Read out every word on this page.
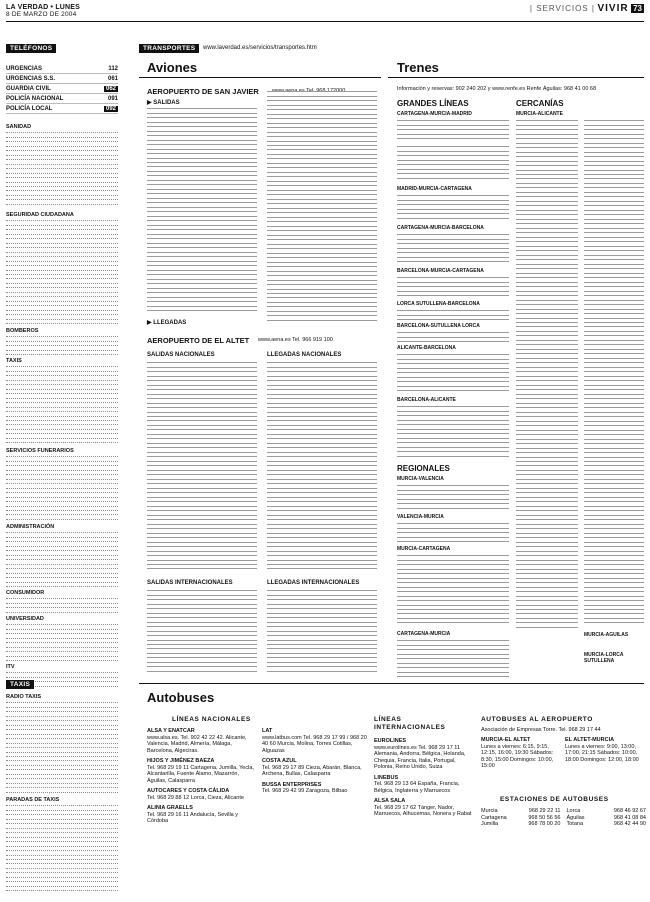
LA VERDAD • LUNES
8 DE MARZO DE 2004
| SERVICIOS | VIVIR 73
TELÉFONOS
URGENCIAS	112
URGENCIAS S.S.	061
GUARDIA CIVIL	062
POLICÍA NACIONAL	091
POLICÍA LOCAL	092
SANIDAD
SEGURIDAD CIUDADANA
BOMBEROS
TAXIS
SERVICIOS FUNERARIOS
ADMINISTRACIÓN
CONSUMIDOR
UNIVERSIDAD
ITV
TAXIS
RADIO TAXIS
PARADAS DE TAXIS
TRANSPORTES	www.laverdad.es/servicios/transportes.htm
Aviones
AEROPUERTO DE SAN JAVIER www.aena.es Tel. 968 172000
▶ SALIDAS
▶ LLEGADAS
AEROPUERTO DE EL ALTET www.aena.es Tel. 966 919 100
SALIDAS NACIONALES	LLEGADAS NACIONALES
SALIDAS INTERNACIONALES	LLEGADAS INTERNACIONALES
Trenes
Información y reservas: 902 240 202 y www.renfe.es Renfe Águilas: 968 41 00 68
GRANDES LÍNEAS	CERCANÍAS
CARTAGENA-MURCIA-MADRID
MADRID-MURCIA-CARTAGENA
CARTAGENA-MURCIA-BARCELONA
BARCELONA-MURCIA-CARTAGENA
LORCA SUTULLENA-BARCELONA
BARCELONA-SUTULLENA LORCA
ALICANTE-BARCELONA
BARCELONA-ALICANTE
REGIONALES
MURCIA-VALENCIA
VALENCIA-MURCIA
MURCIA-CARTAGENA
CARTAGENA-MURCIA
MURCIA-ALICANTE
MURCIA-AGUILAS
MURCIA-LORCA SUTULLENA
Autobuses
LÍNEAS NACIONALES
ALSA Y ENATCAR
www.alsa.es. Tel. 902 42 22 42. Alicante, Valencia, Madrid, Almería, Málaga, Barcelona, Algeciras.
HIJOS Y JIMÉNEZ BAEZA
Tel. 968 29 19 11 Cartagena, Jumilla, Yecla, Alcantarilla, Fuente Álamo, Mazarrón, Águilas, Calasparra
AUTOCARES Y COSTA CÁLIDA
Tel. 968 29 88 12 Lorca, Cieza, Alicante
ALINIA GRAELLS
Tel. 968 29 16 11 Andalucía, Sevilla y Córdoba
LAT
www.latbus.com Tel. 968 29 17 99 / 968 20 40 60 Murcia, Molina, Torres Cotillas, Alguazas
COSTA AZUL
Tel. 968 29 17 89 Cieza, Abarán, Blanca, Archena, Bullas, Calasparra
BUSSA ENTERPRISES
Tel. 968 29 42 99 Zaragoza, Bilbao
LÍNEAS INTERNACIONALES
EUROLINES
www.eurolines.es Tel. 968 29 17 11 Alemania, Andorra, Bélgica, Holanda, Chequia, Francia, Italia, Portugal, Polonia, Reino Unido, Suiza
LINEBUS
Tel. 968 29 13 64 España, Francia, Bélgica, Inglaterra y Marruecos
ALSA SALA
Tel. 968 29 17 62 Tánger, Nador, Marruecos, Alhucemas, Nonera y Rabat
AUTOBUSES AL AEROPUERTO
Asociación de Empresas Torre. Tel. 968 29 17 44
MURCIA-EL ALTET
Lunes a viernes: 6:15, 9:15, 12:15, 16:00, 19:30 Sábados: 8:30, 15:00 Domingos: 10:00, 15:00
EL ALTET-MURCIA
Lunes a viernes: 9:00, 13:00, 17:00, 21:15 Sábados: 10:00, 18:00 Domingos: 12:00, 18:00
ESTACIONES DE AUTOBUSES
Murcia	968 29 22 11 Lorca	968 46 92 67
Cartagena	968 50 56 56 Águilas	968 41 08 84
Jumilla	968 78 00 20 Totana	968 42 44 90
